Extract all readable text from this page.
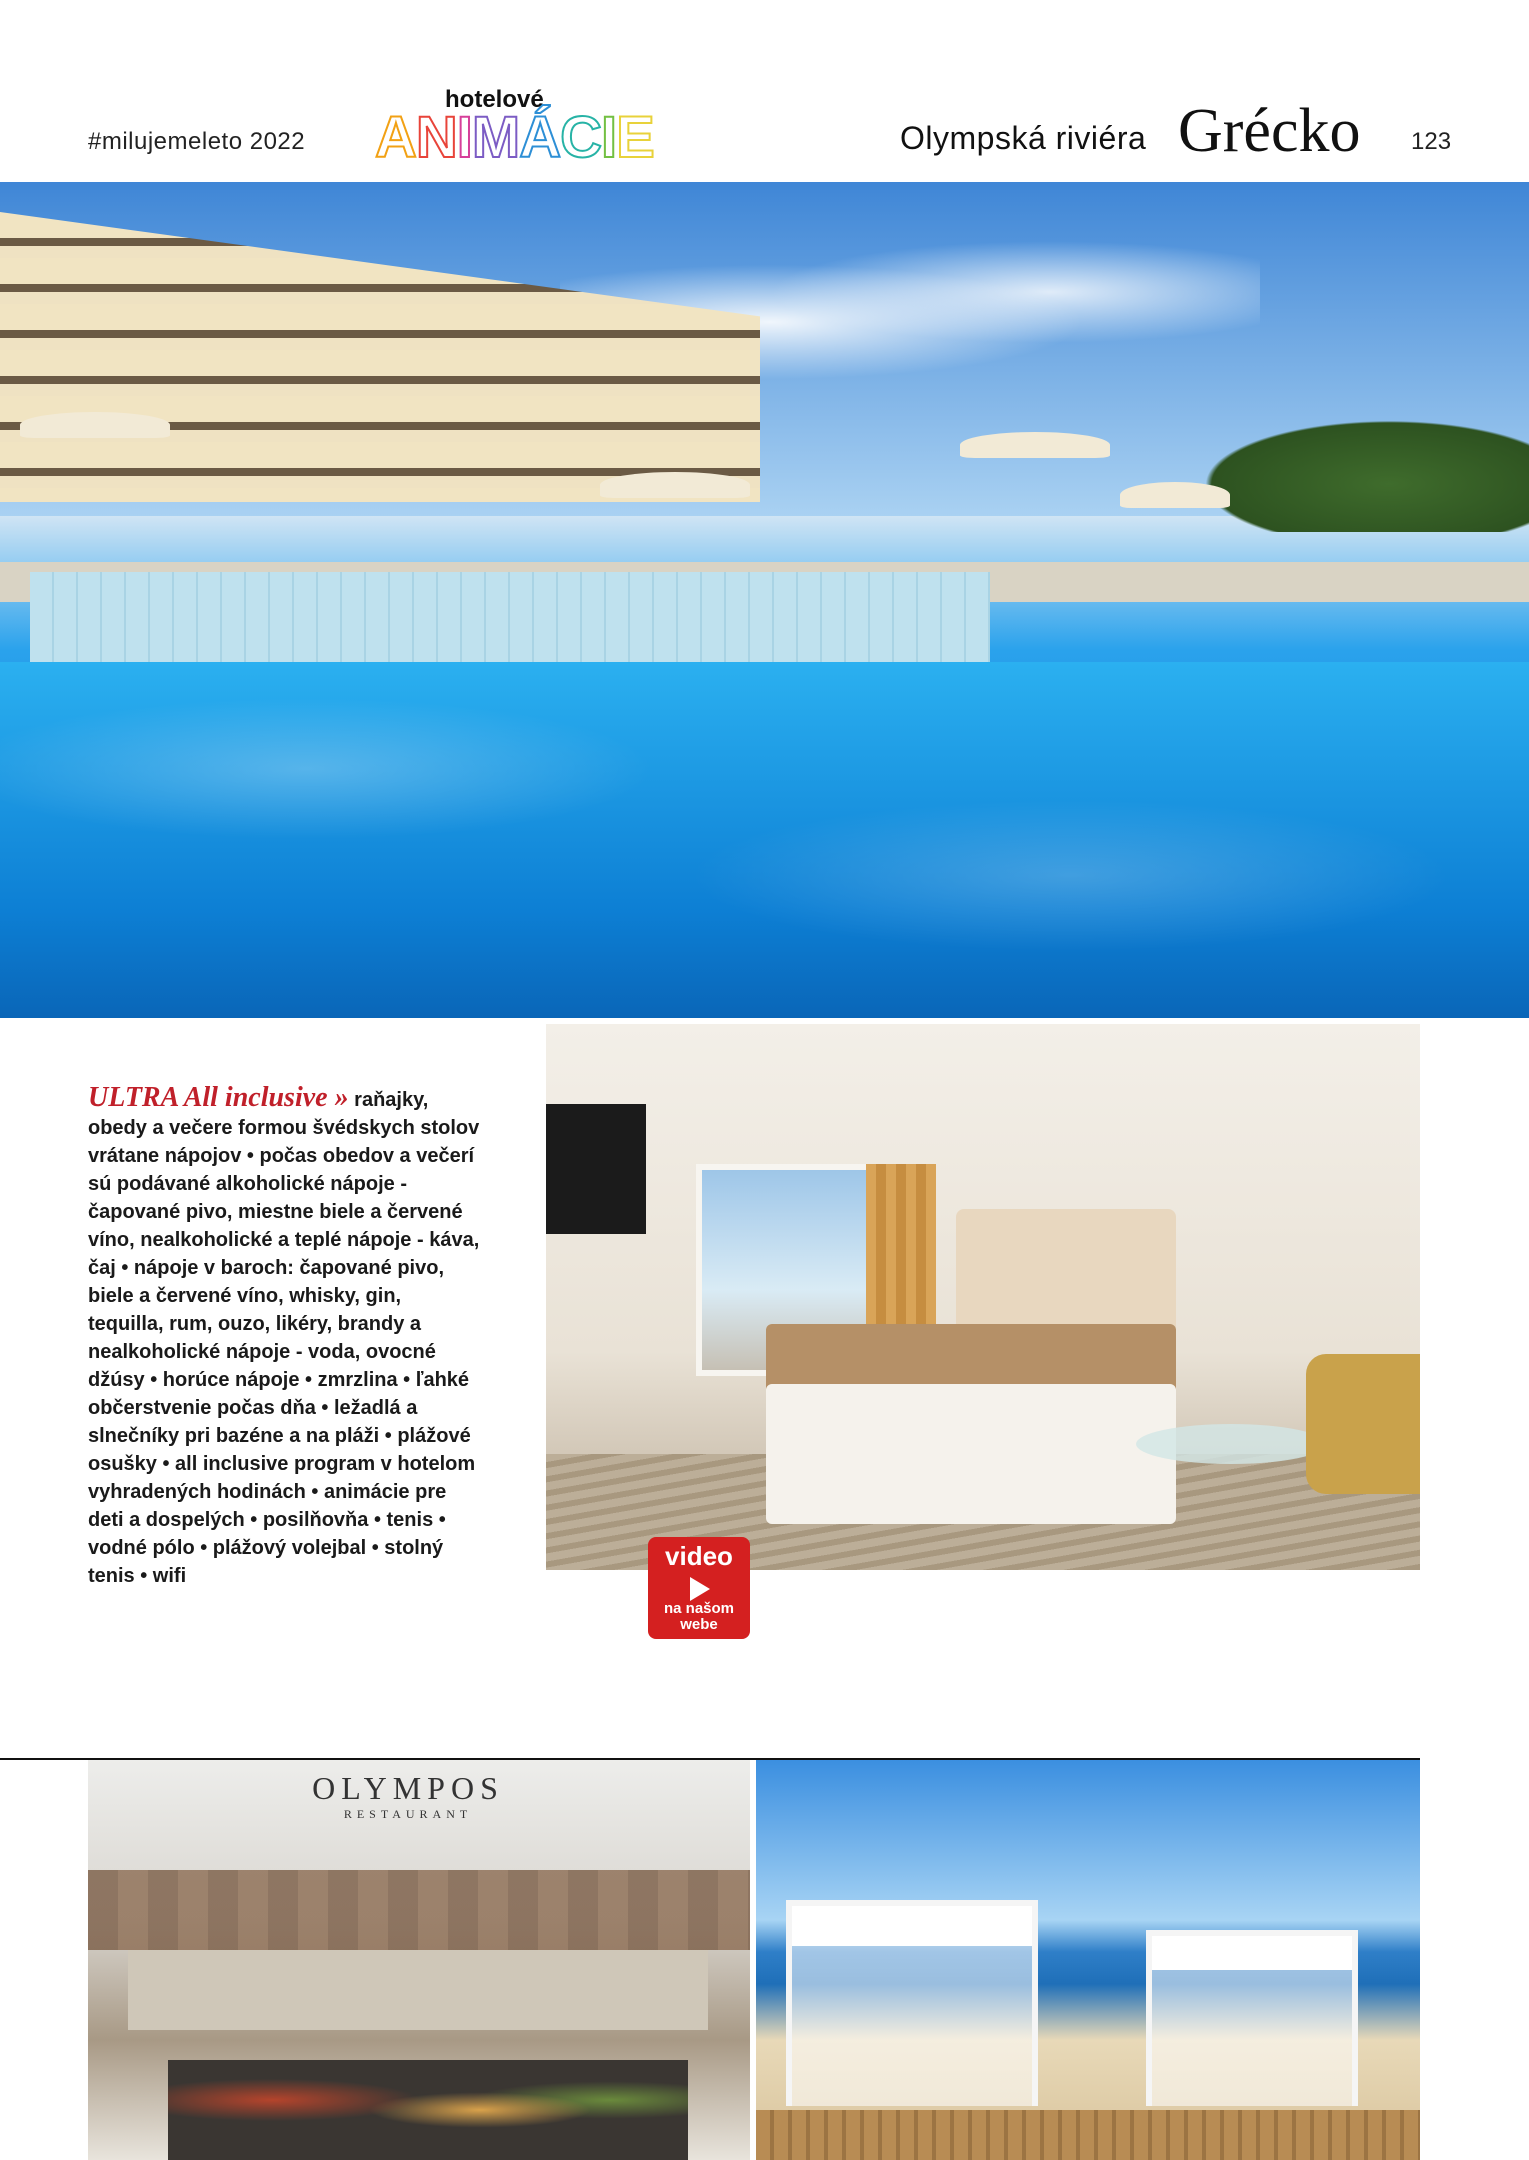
#milujemeleto 2022
hotelové
ANIMÁCIE	Olympská riviéra Grécko 123
video
na našom
webe
ULTRA All inclusive » raňajky, obedy a večere formou švédskych stolov vrátane nápojov • počas obedov a večerí sú podávané alkoholické nápoje - čapované pivo, miestne biele a červené víno, nealkoholické a teplé nápoje - káva, čaj • nápoje v baroch: čapované pivo, biele a červené víno, whisky, gin, tequilla, rum, ouzo, likéry, brandy a nealkoholické nápoje - voda, ovocné džúsy • horúce nápoje • zmrzlina • ľahké občerstvenie počas dňa • ležadlá a slnečníky pri bazéne a na pláži • plážové osušky • all inclusive program v hotelom vyhradených hodinách • animácie pre deti a dospelých • posilňovňa • tenis • vodné pólo • plážový volejbal • stolný tenis • wifi
OLYMPOS
RESTAURANT
